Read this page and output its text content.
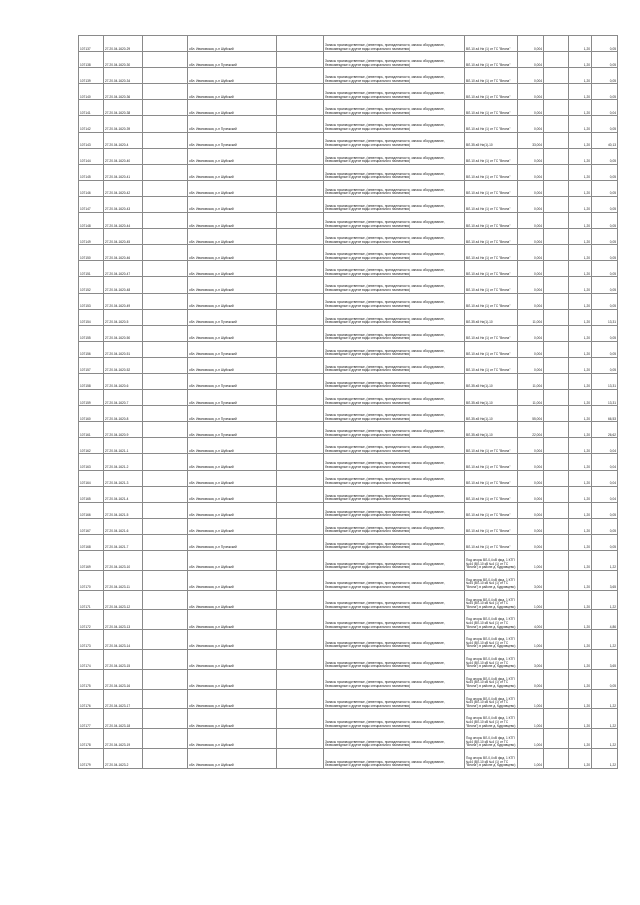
107137	27.20.04-1620-29		обл. Ивановская, р-н Шуйский		Запасы производственные, (инвентарь, принадлежности, запасы оборудование, безвозмездные и другие виды специального назначения)	ВЛ-10 а4 Ни (1) от ТС "Весна"	0,004		1,20	0,05
107138	27.20.04-1620-30		обл. Ивановская, р-н Пучежский		Запасы производственные, (инвентарь, принадлежности, запасы оборудование, безвозмездные и другие виды специального назначения)	ВЛ-10 а4 Ни (1) от ТС "Весна"	0,004		1,20	0,05
107139	27.20.04-1620-34		обл. Ивановская, р-н Шуйский		Запасы производственные, (инвентарь, принадлежности, запасы оборудование, безвозмездные и другие виды специального назначения)	ВЛ-10 а4 Ни (1) от ТС "Весна"	0,004		1,20	0,05
107140	27.20.04-1620-36		обл. Ивановская, р-н Шуйский		Запасы производственные, (инвентарь, принадлежности, запасы оборудование, безвозмездные и другие виды специального назначения)	ВЛ-10 а4 Ни (1) от ТС "Весна"	0,004		1,20	0,05
107141	27.20.04-1620-38		обл. Ивановская, р-н Шуйский		Запасы производственные, (инвентарь, принадлежности, запасы оборудование, безвозмездные и другие виды специального назначения)	ВЛ-10 а4 Ни (1) от ТС "Весна"	0,004		1,20	0,04
107142	27.20.04-1620-39		обл. Ивановская, р-н Пучежский		Запасы производственные, (инвентарь, принадлежности, запасы оборудование, безвозмездные и другие виды специального назначения)	ВЛ-10 а4 Ни (1) от ТС "Весна"	0,004		1,20	0,05
107143	27.20.04-1620-4		обл. Ивановская, р-н Пучежский		Запасы производственные, (инвентарь, принадлежности, запасы оборудование, безвозмездные и другие виды специального назначения)	ВЛ-35 а5 Ни(1)-10	33,004		1,20	40,13
107144	27.20.04-1620-40		обл. Ивановская, р-н Шуйский		Запасы производственные, (инвентарь, принадлежности, запасы оборудование, безвозмездные и другие виды специального назначения)	ВЛ-10 а4 Ни (1) от ТС "Весна"	0,004		1,20	0,05
107145	27.20.04-1620-41		обл. Ивановская, р-н Шуйский		Запасы производственные, (инвентарь, принадлежности, запасы оборудование, безвозмездные и другие виды специального назначения)	ВЛ-10 а4 Ни (1) от ТС "Весна"	0,004		1,20	0,05
107146	27.20.04-1620-42		обл. Ивановская, р-н Шуйский		Запасы производственные, (инвентарь, принадлежности, запасы оборудование, безвозмездные и другие виды специального назначения)	ВЛ-10 а4 Ни (1) от ТС "Весна"	0,004		1,20	0,05
107147	27.20.04-1620-43		обл. Ивановская, р-н Шуйский		Запасы производственные, (инвентарь, принадлежности, запасы оборудование, безвозмездные и другие виды специального назначения)	ВЛ-10 а4 Ни (1) от ТС "Весна"	0,004		1,20	0,05
107148	27.20.04-1620-44		обл. Ивановская, р-н Шуйский		Запасы производственные, (инвентарь, принадлежности, запасы оборудование, безвозмездные и другие виды специального назначения)	ВЛ-10 а4 Ни (1) от ТС "Весна"	0,004		1,20	0,05
107149	27.20.04-1620-45		обл. Ивановская, р-н Шуйский		Запасы производственные, (инвентарь, принадлежности, запасы оборудование, безвозмездные и другие виды специального назначения)	ВЛ-10 а4 Ни (1) от ТС "Весна"	0,004		1,20	0,05
107150	27.20.04-1620-46		обл. Ивановская, р-н Шуйский		Запасы производственные, (инвентарь, принадлежности, запасы оборудование, безвозмездные и другие виды специального назначения)	ВЛ-10 а4 Ни (1) от ТС "Весна"	0,004		1,20	0,05
107151	27.20.04-1620-47		обл. Ивановская, р-н Шуйский		Запасы производственные, (инвентарь, принадлежности, запасы оборудование, безвозмездные и другие виды специального назначения)	ВЛ-10 а4 Ни (1) от ТС "Весна"	0,004		1,20	0,05
107152	27.20.04-1620-48		обл. Ивановская, р-н Шуйский		Запасы производственные, (инвентарь, принадлежности, запасы оборудование, безвозмездные и другие виды специального назначения)	ВЛ-10 а4 Ни (1) от ТС "Весна"	0,004		1,20	0,05
107153	27.20.04-1620-49		обл. Ивановская, р-н Шуйский		Запасы производственные, (инвентарь, принадлежности, запасы оборудование, безвозмездные и другие виды специального назначения)	ВЛ-10 а4 Ни (1) от ТС "Весна"	0,004		1,20	0,05
107154	27.20.04-1620-5		обл. Ивановская, р-н Пучежский		Запасы производственные, (инвентарь, принадлежности, запасы оборудование, безвозмездные и другие виды специального назначения)	ВЛ-35 а5 Ни(1)-10	11,004		1,20	13,31
107155	27.20.04-1620-50		обл. Ивановская, р-н Шуйский		Запасы производственные, (инвентарь, принадлежности, запасы оборудование, безвозмездные и другие виды специального назначения)	ВЛ-10 а4 Ни (1) от ТС "Весна"	0,004		1,20	0,05
107156	27.20.04-1620-51		обл. Ивановская, р-н Пучежский		Запасы производственные, (инвентарь, принадлежности, запасы оборудование, безвозмездные и другие виды специального назначения)	ВЛ-10 а4 Ни (1) от ТС "Весна"	0,004		1,20	0,05
107157	27.20.04-1620-52		обл. Ивановская, р-н Шуйский		Запасы производственные, (инвентарь, принадлежности, запасы оборудование, безвозмездные и другие виды специального назначения)	ВЛ-10 а4 Ни (1) от ТС "Весна"	0,004		1,20	0,05
107158	27.20.04-1620-6		обл. Ивановская, р-н Пучежский		Запасы производственные, (инвентарь, принадлежности, запасы оборудование, безвозмездные и другие виды специального назначения)	ВЛ-35 а5 Ни(1)-10	11,004		1,20	13,31
107159	27.20.04-1620-7		обл. Ивановская, р-н Пучежский		Запасы производственные, (инвентарь, принадлежности, запасы оборудование, безвозмездные и другие виды специального назначения)	ВЛ-35 а5 Ни(1)-10	11,004		1,20	13,31
107160	27.20.04-1620-8		обл. Ивановская, р-н Пучежский		Запасы производственные, (инвентарь, принадлежности, запасы оборудование, безвозмездные и другие виды специального назначения)	ВЛ-35 а5 Ни(1)-10	55,004		1,20	66,53
107161	27.20.04-1620-9		обл. Ивановская, р-н Пучежский		Запасы производственные, (инвентарь, принадлежности, запасы оборудование, безвозмездные и другие виды специального назначения)	ВЛ-35 а5 Ни(1)-10	22,004		1,20	26,62
107162	27.20.04-1621-1		обл. Ивановская, р-н Шуйский		Запасы производственные, (инвентарь, принадлежности, запасы оборудование, безвозмездные и другие виды специального назначения)	ВЛ-10 а4 Ни (1) от ТС "Весна"	0,004		1,20	0,04
107163	27.20.04-1621-2		обл. Ивановская, р-н Шуйский		Запасы производственные, (инвентарь, принадлежности, запасы оборудование, безвозмездные и другие виды специального назначения)	ВЛ-10 а4 Ни (1) от ТС "Весна"	0,004		1,20	0,04
107164	27.20.04-1621-3		обл. Ивановская, р-н Шуйский		Запасы производственные, (инвентарь, принадлежности, запасы оборудование, безвозмездные и другие виды специального назначения)	ВЛ-10 а4 Ни (1) от ТС "Весна"	0,004		1,20	0,04
107165	27.20.04-1621-4		обл. Ивановская, р-н Шуйский		Запасы производственные, (инвентарь, принадлежности, запасы оборудование, безвозмездные и другие виды специального назначения)	ВЛ-10 а4 Ни (1) от ТС "Весна"	0,004		1,20	0,04
107166	27.20.04-1621-5		обл. Ивановская, р-н Шуйский		Запасы производственные, (инвентарь, принадлежности, запасы оборудование, безвозмездные и другие виды специального назначения)	ВЛ-10 а4 Ни (1) от ТС "Весна"	0,004		1,20	0,05
107167	27.20.04-1621-6		обл. Ивановская, р-н Шуйский		Запасы производственные, (инвентарь, принадлежности, запасы оборудование, безвозмездные и другие виды специального назначения)	ВЛ-10 а4 Ни (1) от ТС "Весна"	0,004		1,20	0,05
107168	27.20.04-1621-7		обл. Ивановская, р-н Пучежский		Запасы производственные, (инвентарь, принадлежности, запасы оборудование, безвозмездные и другие виды специального назначения)	ВЛ-10 а4 Ни (1) от ТС "Весна"	0,004		1,20	0,05
107169	27.20.04-1623-10		обл. Ивановская, р-н Шуйский		Запасы производственные, (инвентарь, принадлежности, запасы оборудование, безвозмездные и другие виды специального назначения)	Под опоры ВЛ-0,4 кВ фид. 1 КТП №44 (ВЛ-10 кВ №4 (1) от ТС "Весна") в районе д. Кудрявцево)	1,004		1,20	1,22
107170	27.20.04-1623-11		обл. Ивановская, р-н Шуйский		Запасы производственные, (инвентарь, принадлежности, запасы оборудование, безвозмездные и другие виды специального назначения)	Под опоры ВЛ-0,4 кВ фид. 1 КТП №44 (ВЛ-10 кВ №4 (1) от ТС "Весна") в районе д. Кудрявцево)	3,004		1,20	3,65
107171	27.20.04-1623-12		обл. Ивановская, р-н Шуйский		Запасы производственные, (инвентарь, принадлежности, запасы оборудование, безвозмездные и другие виды специального назначения)	Под опоры ВЛ-0,4 кВ фид. 1 КТП №44 (ВЛ-10 кВ №4 (1) от ТС "Весна") в районе д. Кудрявцево)	1,004		1,20	1,22
107172	27.20.04-1623-13		обл. Ивановская, р-н Шуйский		Запасы производственные, (инвентарь, принадлежности, запасы оборудование, безвозмездные и другие виды специального назначения)	Под опоры ВЛ-0,4 кВ фид. 1 КТП №44 (ВЛ-10 кВ №4 (1) от ТС "Весна") в районе д. Кудрявцево)	4,004		1,20	4,86
107173	27.20.04-1623-14		обл. Ивановская, р-н Шуйский		Запасы производственные, (инвентарь, принадлежности, запасы оборудование, безвозмездные и другие виды специального назначения)	Под опоры ВЛ-0,4 кВ фид. 1 КТП №44 (ВЛ-10 кВ №4 (1) от ТС "Весна") в районе д. Кудрявцево)	1,004		1,20	1,22
107174	27.20.04-1623-15		обл. Ивановская, р-н Шуйский		Запасы производственные, (инвентарь, принадлежности, запасы оборудование, безвозмездные и другие виды специального назначения)	Под опоры ВЛ-0,4 кВ фид. 1 КТП №44 (ВЛ-10 кВ №4 (1) от ТС "Весна") в районе д. Кудрявцево)	3,004		1,20	3,65
107175	27.20.04-1623-16		обл. Ивановская, р-н Шуйский		Запасы производственные, (инвентарь, принадлежности, запасы оборудование, безвозмездные и другие виды специального назначения)	Под опоры ВЛ-0,4 кВ фид. 1 КТП №44 (ВЛ-10 кВ №4 (1) от ТС "Весна") в районе д. Кудрявцево)	0,004		1,20	0,05
107176	27.20.04-1623-17		обл. Ивановская, р-н Шуйский		Запасы производственные, (инвентарь, принадлежности, запасы оборудование, безвозмездные и другие виды специального назначения)	Под опоры ВЛ-0,4 кВ фид. 1 КТП №44 (ВЛ-10 кВ №4 (1) от ТС "Весна") в районе д. Кудрявцево)	1,004		1,20	1,22
107177	27.20.04-1623-18		обл. Ивановская, р-н Шуйский		Запасы производственные, (инвентарь, принадлежности, запасы оборудование, безвозмездные и другие виды специального назначения)	Под опоры ВЛ-0,4 кВ фид. 1 КТП №44 (ВЛ-10 кВ №4 (1) от ТС "Весна") в районе д. Кудрявцево)	1,004		1,20	1,22
107178	27.20.04-1623-19		обл. Ивановская, р-н Шуйский		Запасы производственные, (инвентарь, принадлежности, запасы оборудование, безвозмездные и другие виды специального назначения)	Под опоры ВЛ-0,4 кВ фид. 1 КТП №44 (ВЛ-10 кВ №4 (1) от ТС "Весна") в районе д. Кудрявцево)	1,004		1,20	1,22
107179	27.20.04-1623-2		обл. Ивановская, р-н Шуйский		Запасы производственные, (инвентарь, принадлежности, запасы оборудование, безвозмездные и другие виды специального назначения)	Под опоры ВЛ-0,4 кВ фид. 1 КТП №44 (ВЛ-10 кВ №4 (1) от ТС "Весна") в районе д. Кудрявцево)	1,004		1,20	1,22
